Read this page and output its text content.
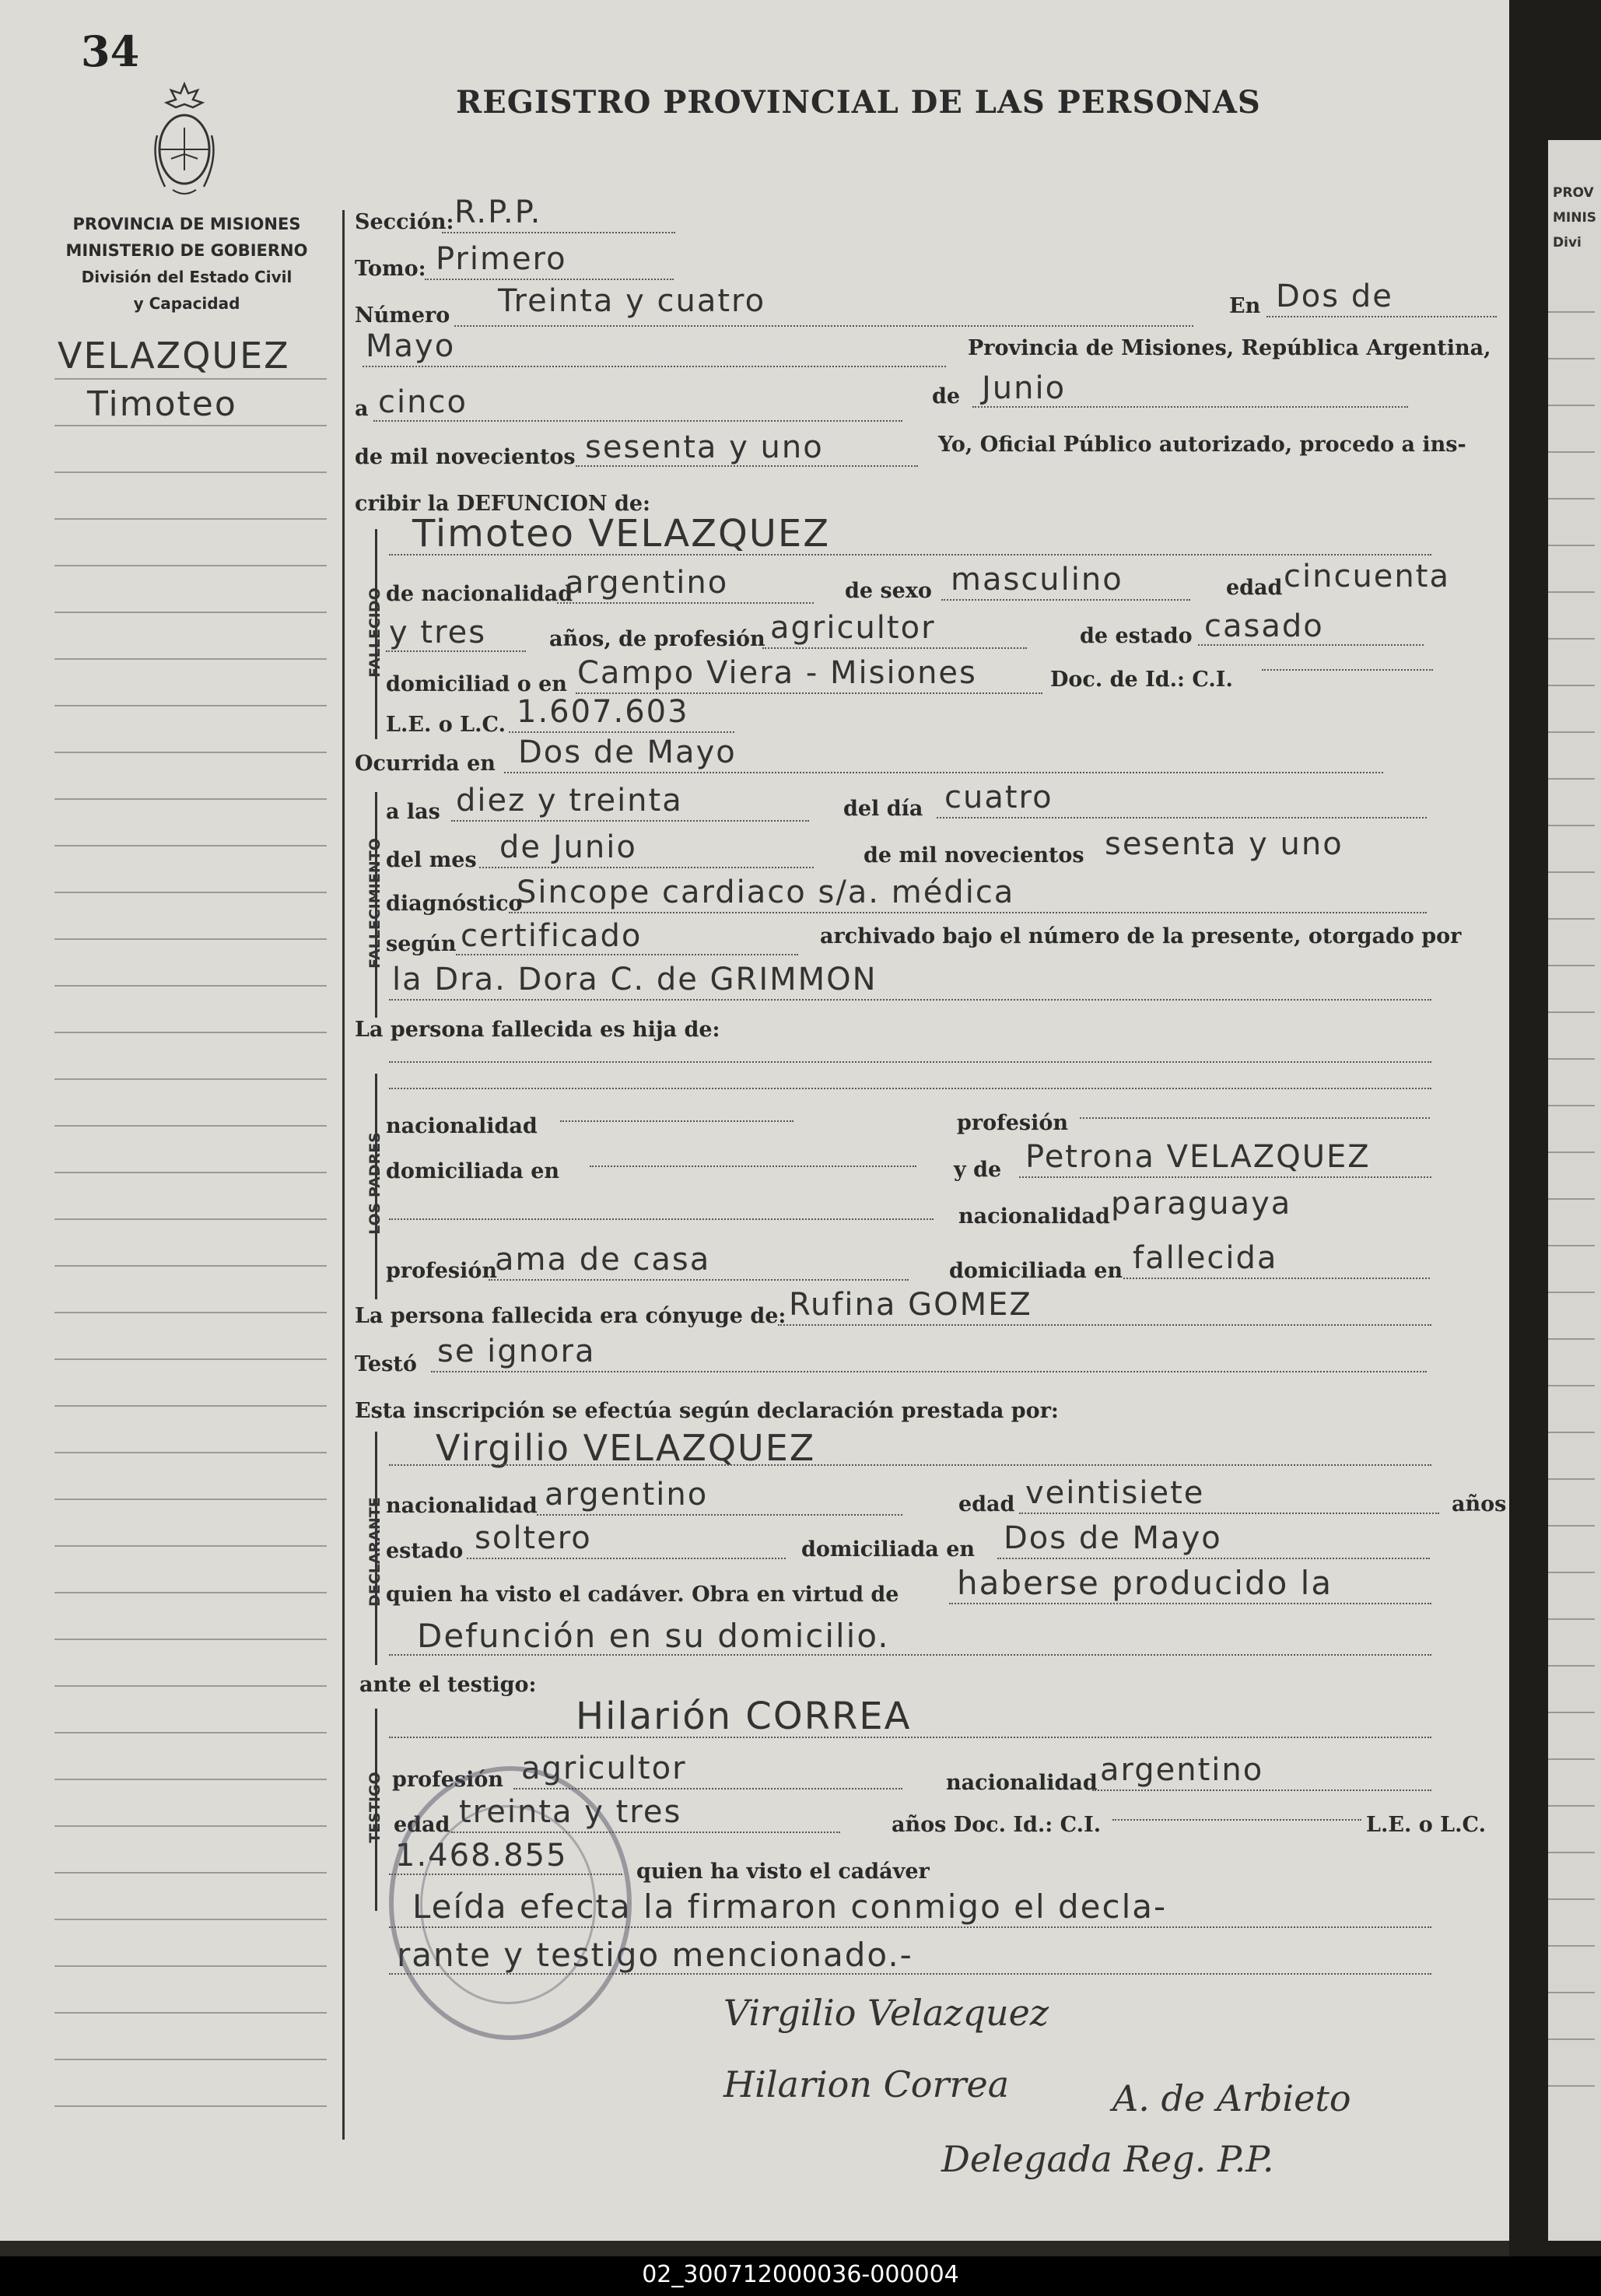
PROV
MINIS
Divi
34
REGISTRO PROVINCIAL DE LAS PERSONAS
PROVINCIA DE MISIONES
MINISTERIO DE GOBIERNO
División del Estado Civil
y Capacidad
VELAZQUEZ
Timoteo
Sección: R.P.P.
Tomo: Primero
Número Treinta y cuatro	En Dos de
Mayo	Provincia de Misiones, República Argentina,
a cinco	de Junio
de mil novecientos sesenta y uno	Yo, Oficial Público autorizado, procedo a ins-
cribir la DEFUNCION de:
FALLECIDO
Timoteo VELAZQUEZ
de nacionalidad
argentino	de sexo masculino	edad cincuenta
y tres	años, de profesión agricultor	de estado casado
domiciliad o en Campo Viera - Misiones	Doc. de Id.: C.I.
L.E. o L.C. 1.607.603
Ocurrida en Dos de Mayo
FALLECIMIENTO
a las diez y treinta	del día cuatro
del mes de Junio	de mil novecientos sesenta y uno
diagnóstico
Sincope cardiaco s/a. médica
según certificado	archivado bajo el número de la presente, otorgado por
la Dra. Dora C. de GRIMMON
La persona fallecida es hija de:
LOS PADRES
nacionalidad	profesión
domiciliada en	y de Petrona VELAZQUEZ
nacionalidad paraguaya
profesión
ama de casa	domiciliada en fallecida
La persona fallecida era cónyuge de: Rufina GOMEZ
Testó se ignora
Esta inscripción se efectúa según declaración prestada por:
DECLARANTE
Virgilio VELAZQUEZ
nacionalidad argentino	edad veintisiete	años
estado soltero	domiciliada en Dos de Mayo
quien ha visto el cadáver. Obra en virtud de haberse producido la
Defunción en su domicilio.
ante el testigo:
TESTIGO
Hilarión CORREA
profesión agricultor	nacionalidad argentino
edad treinta y tres	años Doc. Id.: C.I.	L.E. o L.C.
1.468.855	quien ha visto el cadáver
Leída efecta la firmaron conmigo el decla-
rante y testigo mencionado.-
Virgilio Velazquez
Hilarion Correa	A. de Arbieto
Delegada Reg. P.P.
02_300712000036-000004
